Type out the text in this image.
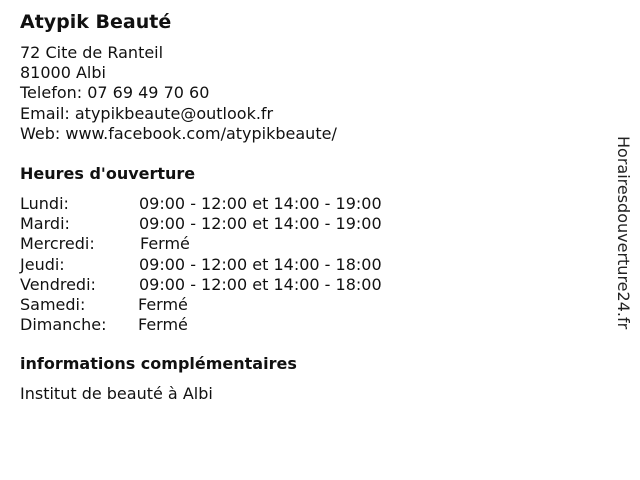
Atypik Beauté
72 Cite de Ranteil
81000 Albi
Telefon: 07 69 49 70 60
Email: atypikbeaute@outlook.fr
Web: www.facebook.com/atypikbeaute/
Heures d'ouverture
Lundi:	09:00 - 12:00 et 14:00 - 19:00
Mardi:	09:00 - 12:00 et 14:00 - 19:00
Mercredi:	Fermé
Jeudi:	09:00 - 12:00 et 14:00 - 18:00
Vendredi:	09:00 - 12:00 et 14:00 - 18:00
Samedi:	Fermé
Dimanche: Fermé
informations complémentaires
Institut de beauté à Albi
Horairesdouverture24.fr
